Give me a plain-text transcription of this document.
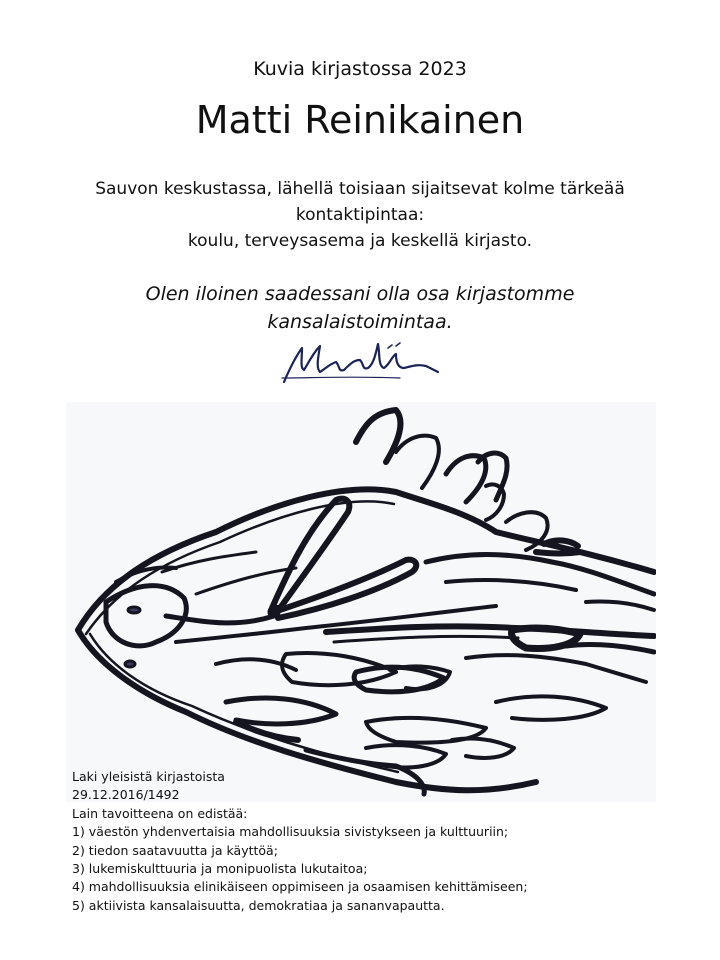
Kuvia kirjastossa 2023
Matti Reinikainen
Sauvon keskustassa, lähellä toisiaan sijaitsevat kolme tärkeää
kontaktipintaa:
koulu, terveysasema ja keskellä kirjasto.
Olen iloinen saadessani olla osa kirjastomme
kansalaistoimintaa.
Laki yleisistä kirjastoista
29.12.2016/1492
Lain tavoitteena on edistää:
1) väestön yhdenvertaisia mahdollisuuksia sivistykseen ja kulttuuriin;
2) tiedon saatavuutta ja käyttöä;
3) lukemiskulttuuria ja monipuolista lukutaitoa;
4) mahdollisuuksia elinikäiseen oppimiseen ja osaamisen kehittämiseen;
5) aktiivista kansalaisuutta, demokratiaa ja sananvapautta.
